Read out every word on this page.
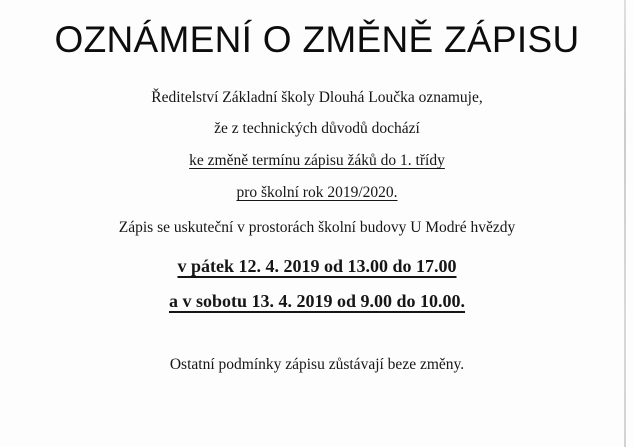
OZNÁMENÍ O ZMĚNĚ ZÁPISU
Ředitelství Základní školy Dlouhá Loučka oznamuje,
že z technických důvodů dochází
ke změně termínu zápisu žáků do 1. třídy
pro školní rok 2019/2020.
Zápis se uskuteční v prostorách školní budovy U Modré hvězdy
v pátek 12. 4. 2019 od 13.00 do 17.00
a v sobotu 13. 4. 2019 od 9.00 do 10.00.
Ostatní podmínky zápisu zůstávají beze změny.
